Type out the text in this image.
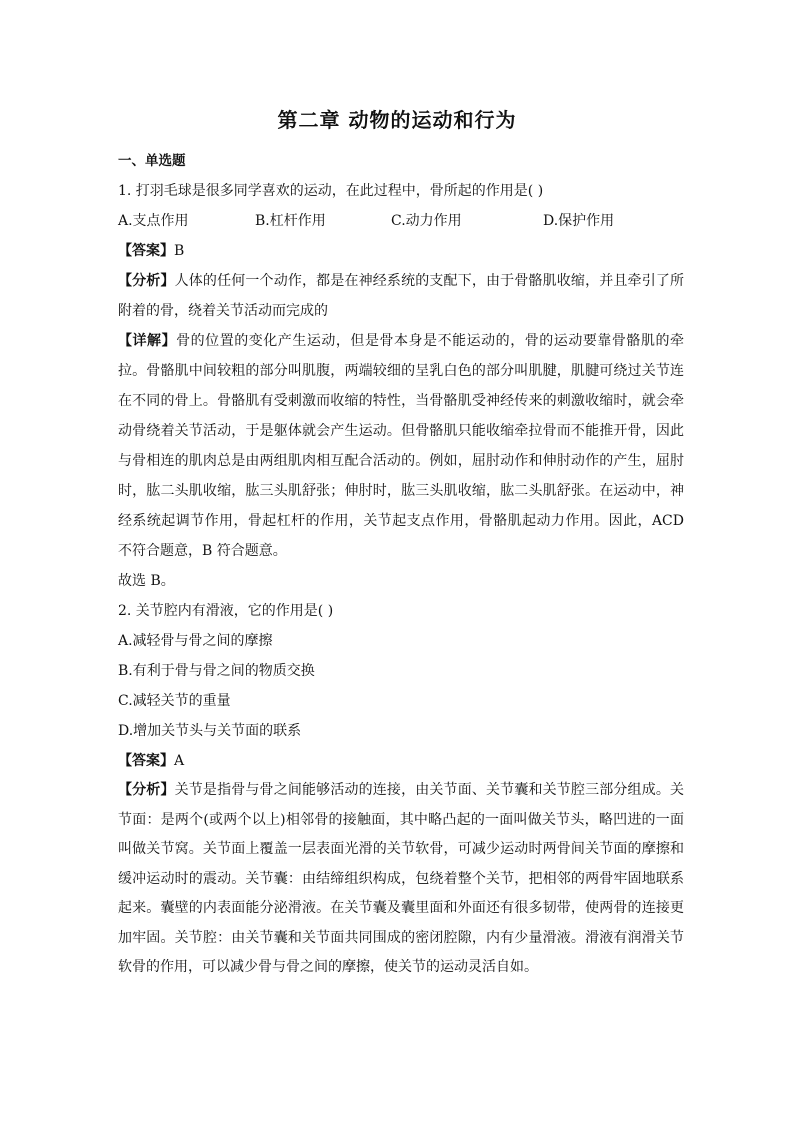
第二章 动物的运动和行为
一、单选题
1. 打羽毛球是很多同学喜欢的运动，在此过程中，骨所起的作用是( )
A.支点作用	B.杠杆作用	C.动力作用	D.保护作用
【答案】B
【分析】人体的任何一个动作，都是在神经系统的支配下，由于骨骼肌收缩，并且牵引了所附着的骨，绕着关节活动而完成的
【详解】骨的位置的变化产生运动，但是骨本身是不能运动的，骨的运动要靠骨骼肌的牵拉。骨骼肌中间较粗的部分叫肌腹，两端较细的呈乳白色的部分叫肌腱，肌腱可绕过关节连在不同的骨上。骨骼肌有受刺激而收缩的特性，当骨骼肌受神经传来的刺激收缩时，就会牵动骨绕着关节活动，于是躯体就会产生运动。但骨骼肌只能收缩牵拉骨而不能推开骨，因此与骨相连的肌肉总是由两组肌肉相互配合活动的。例如，屈肘动作和伸肘动作的产生，屈肘时，肱二头肌收缩，肱三头肌舒张；伸肘时，肱三头肌收缩，肱二头肌舒张。在运动中，神经系统起调节作用，骨起杠杆的作用，关节起支点作用，骨骼肌起动力作用。因此，ACD 不符合题意，B 符合题意。
故选 B。
2. 关节腔内有滑液，它的作用是( )
A.减轻骨与骨之间的摩擦
B.有利于骨与骨之间的物质交换
C.减轻关节的重量
D.增加关节头与关节面的联系
【答案】A
【分析】关节是指骨与骨之间能够活动的连接，由关节面、关节囊和关节腔三部分组成。关节面：是两个(或两个以上)相邻骨的接触面，其中略凸起的一面叫做关节头，略凹进的一面叫做关节窝。关节面上覆盖一层表面光滑的关节软骨，可减少运动时两骨间关节面的摩擦和缓冲运动时的震动。关节囊：由结缔组织构成，包绕着整个关节，把相邻的两骨牢固地联系起来。囊壁的内表面能分泌滑液。在关节囊及囊里面和外面还有很多韧带，使两骨的连接更加牢固。关节腔：由关节囊和关节面共同围成的密闭腔隙，内有少量滑液。滑液有润滑关节软骨的作用，可以减少骨与骨之间的摩擦，使关节的运动灵活自如。
